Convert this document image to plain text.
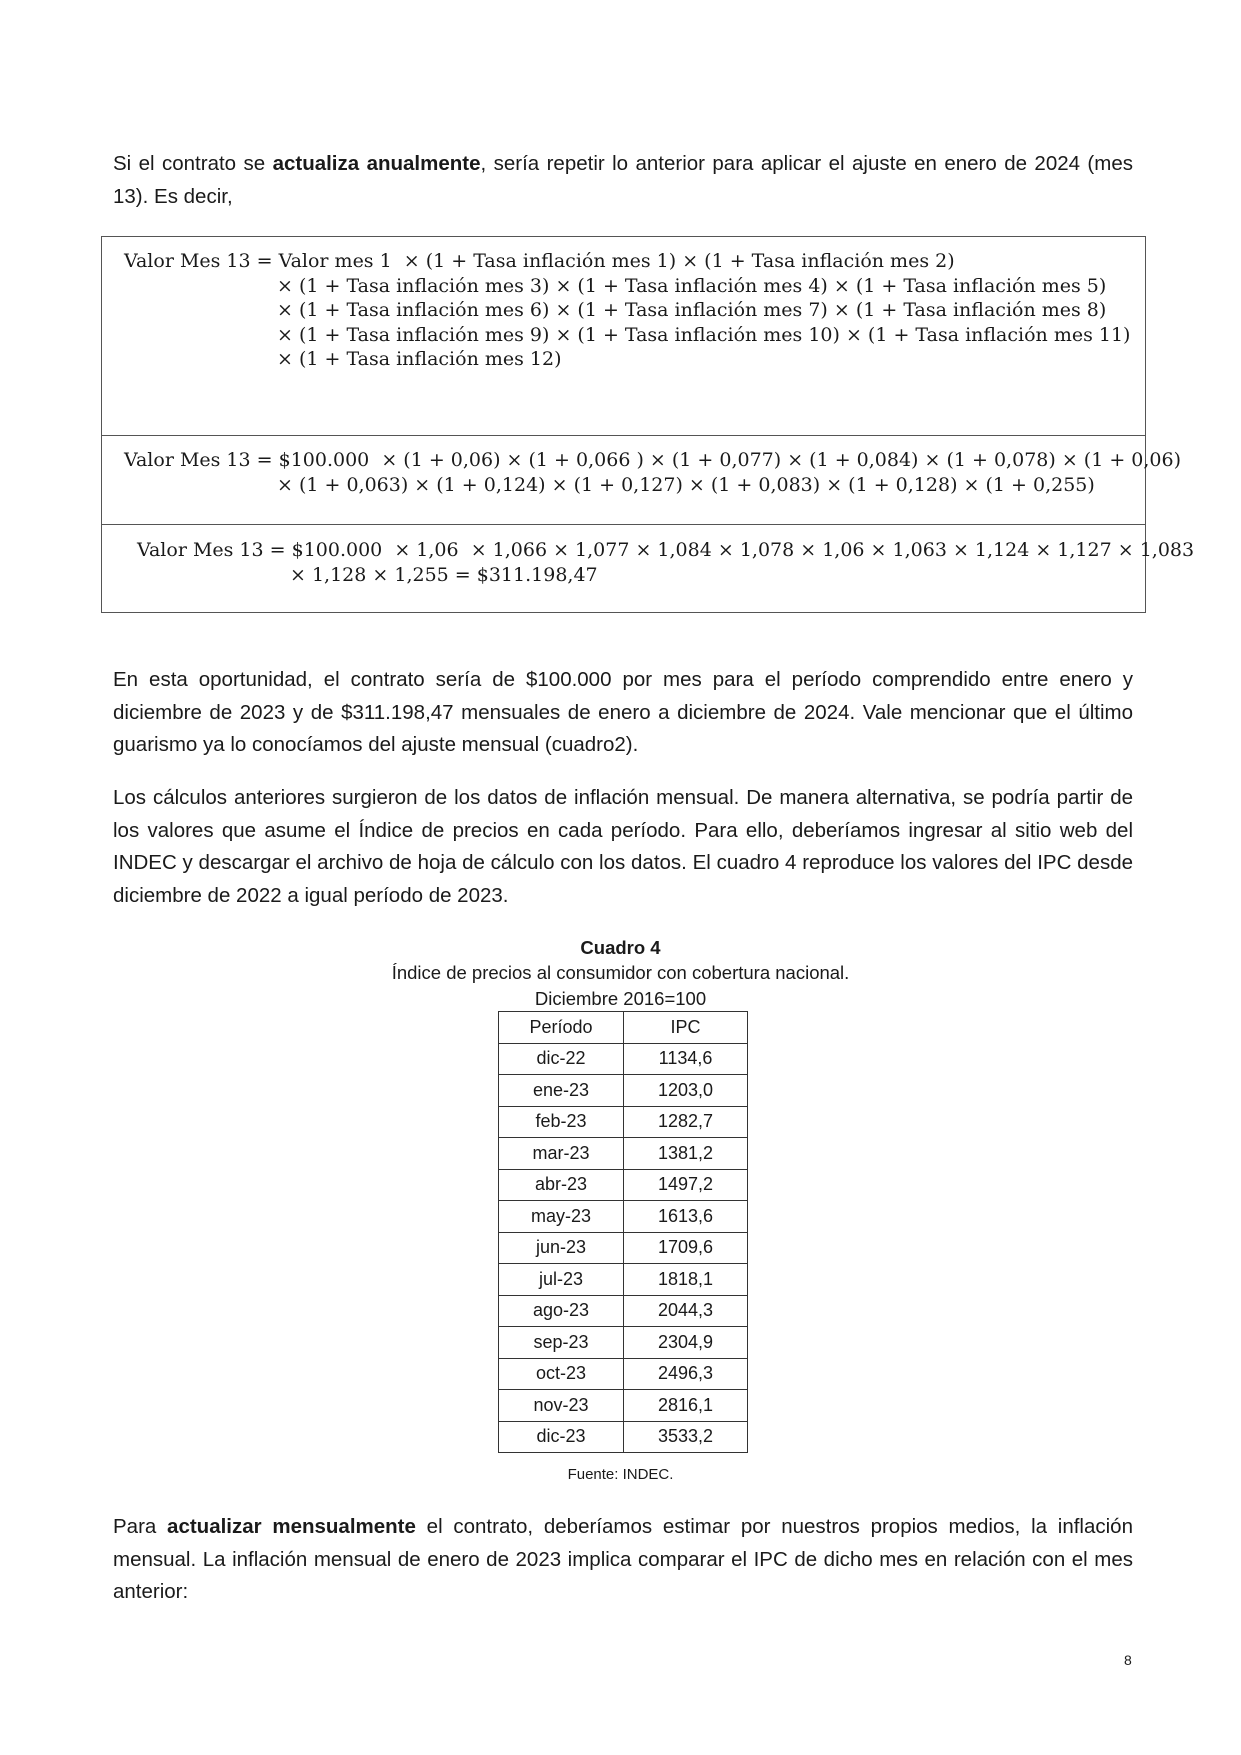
Si el contrato se actualiza anualmente, sería repetir lo anterior para aplicar el ajuste en enero de 2024 (mes 13). Es decir,

Valor Mes 13 = Valor mes 1  × (1 + Tasa inflación mes 1) × (1 + Tasa inflación mes 2)
× (1 + Tasa inflación mes 3) × (1 + Tasa inflación mes 4) × (1 + Tasa inflación mes 5)
× (1 + Tasa inflación mes 6) × (1 + Tasa inflación mes 7) × (1 + Tasa inflación mes 8)
× (1 + Tasa inflación mes 9) × (1 + Tasa inflación mes 10) × (1 + Tasa inflación mes 11)
× (1 + Tasa inflación mes 12)
Valor Mes 13 = $100.000  × (1 + 0,06) × (1 + 0,066 ) × (1 + 0,077) × (1 + 0,084) × (1 + 0,078) × (1 + 0,06)
× (1 + 0,063) × (1 + 0,124) × (1 + 0,127) × (1 + 0,083) × (1 + 0,128) × (1 + 0,255)
Valor Mes 13 = $100.000  × 1,06  × 1,066 × 1,077 × 1,084 × 1,078 × 1,06 × 1,063 × 1,124 × 1,127 × 1,083
× 1,128 × 1,255 = $311.198,47

En esta oportunidad, el contrato sería de $100.000 por mes para el período comprendido entre enero y diciembre de 2023 y de $311.198,47 mensuales de enero a diciembre de 2024. Vale mencionar que el último guarismo ya lo conocíamos del ajuste mensual (cuadro2).

Los cálculos anteriores surgieron de los datos de inflación mensual. De manera alternativa, se podría partir de los valores que asume el Índice de precios en cada período. Para ello, deberíamos ingresar al sitio web del INDEC y descargar el archivo de hoja de cálculo con los datos. El cuadro 4 reproduce los valores del IPC desde diciembre de 2022 a igual período de 2023.

Cuadro 4
Índice de precios al consumidor con cobertura nacional.
Diciembre 2016=100
Período	IPC
dic-22	1134,6
ene-23	1203,0
feb-23	1282,7
mar-23	1381,2
abr-23	1497,2
may-23	1613,6
jun-23	1709,6
jul-23	1818,1
ago-23	2044,3
sep-23	2304,9
oct-23	2496,3
nov-23	2816,1
dic-23	3533,2
Fuente: INDEC.

Para actualizar mensualmente el contrato, deberíamos estimar por nuestros propios medios, la inflación mensual. La inflación mensual de enero de 2023 implica comparar el IPC de dicho mes en relación con el mes anterior:

8
